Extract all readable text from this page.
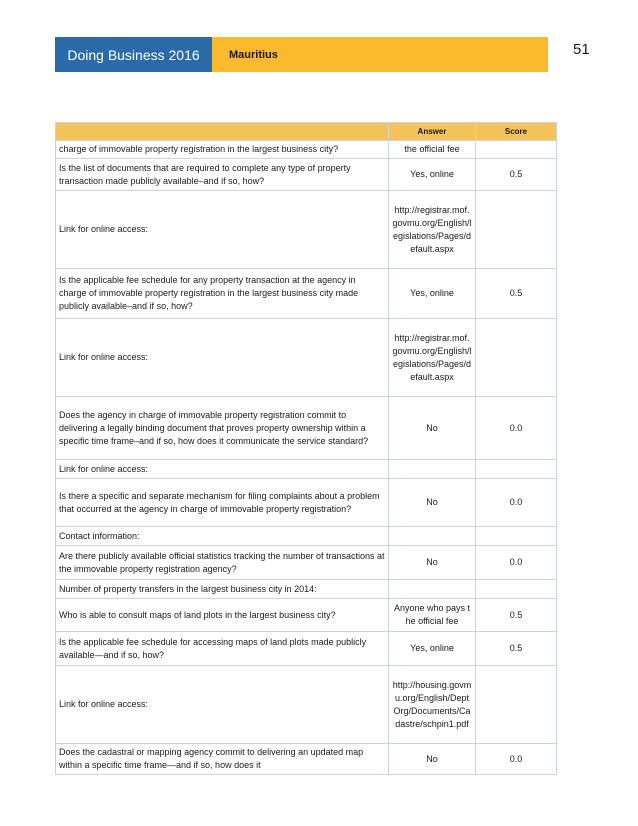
Doing Business 2016	Mauritius	51
	Answer	Score
charge of immovable property registration in the largest business city?	the official fee	
Is the list of documents that are required to complete any type of property transaction made publicly available–and if so, how?	Yes, online	0.5
Link for online access:	http://registrar.mof.govmu.org/English/legislations/Pages/default.aspx	
Is the applicable fee schedule for any property transaction at the agency in charge of immovable property registration in the largest business city made publicly available–and if so, how?	Yes, online	0.5
Link for online access:	http://registrar.mof.govmu.org/English/legislations/Pages/default.aspx	
Does the agency in charge of immovable property registration commit to delivering a legally binding document that proves property ownership within a specific time frame–and if so, how does it communicate the service standard?	No	0.0
Link for online access:		
Is there a specific and separate mechanism for filing complaints about a problem that occurred at the agency in charge of immovable property registration?	No	0.0
Contact information:		
Are there publicly available official statistics tracking the number of transactions at the immovable property registration agency?	No	0.0
Number of property transfers in the largest business city in 2014:		
Who is able to consult maps of land plots in the largest business city?	Anyone who pays the official fee	0.5
Is the applicable fee schedule for accessing maps of land plots made publicly available—and if so, how?	Yes, online	0.5
Link for online access:	http://housing.govmu.org/English/DeptOrg/Documents/Cadastre/schpin1.pdf	
Does the cadastral or mapping agency commit to delivering an updated map within a specific time frame—and if so, how does it	No	0.0
